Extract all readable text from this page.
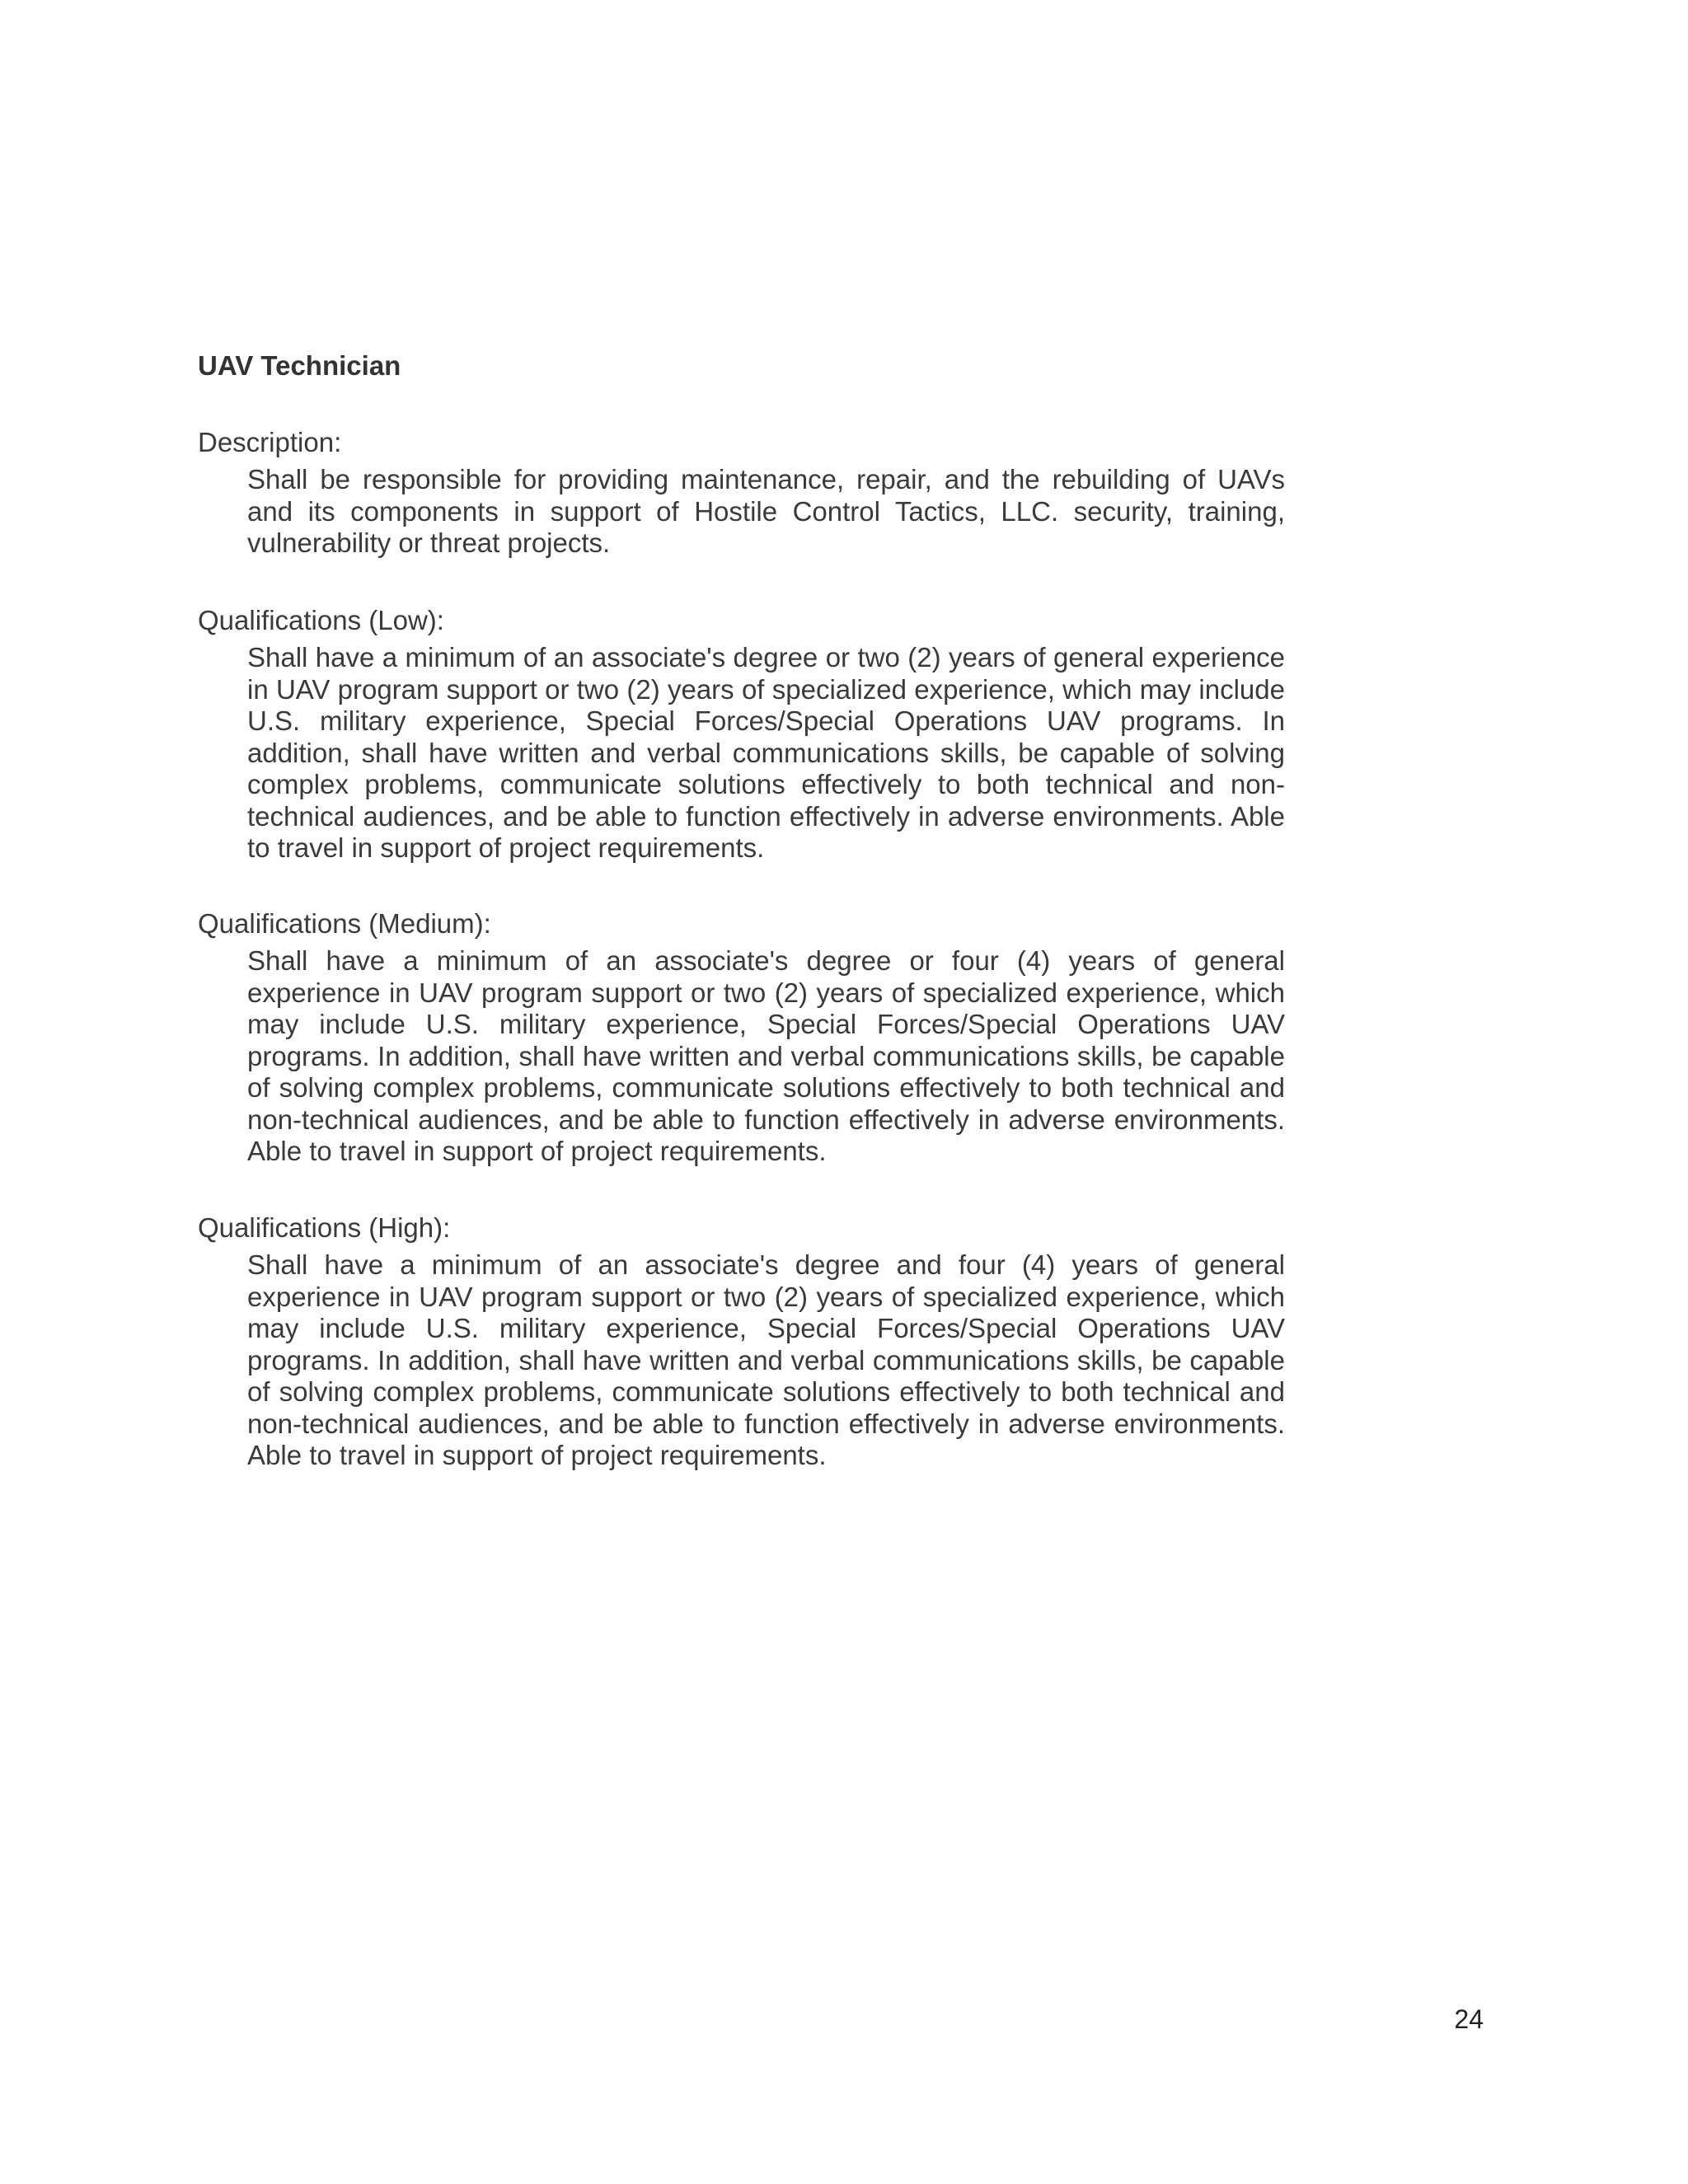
UAV Technician

Description:

Shall be responsible for providing maintenance, repair, and the rebuilding of UAVs and its components in support of Hostile Control Tactics, LLC. security, training, vulnerability or threat projects.

Qualifications (Low):

Shall have a minimum of an associate's degree or two (2) years of general experience in UAV program support or two (2) years of specialized experience, which may include U.S. military experience, Special Forces/Special Operations UAV programs. In addition, shall have written and verbal communications skills, be capable of solving complex problems, communicate solutions effectively to both technical and non-technical audiences, and be able to function effectively in adverse environments. Able to travel in support of project requirements.

Qualifications (Medium):

Shall have a minimum of an associate's degree or four (4) years of general experience in UAV program support or two (2) years of specialized experience, which may include U.S. military experience, Special Forces/Special Operations UAV programs. In addition, shall have written and verbal communications skills, be capable of solving complex problems, communicate solutions effectively to both technical and non-technical audiences, and be able to function effectively in adverse environments. Able to travel in support of project requirements.

Qualifications (High):

Shall have a minimum of an associate's degree and four (4) years of general experience in UAV program support or two (2) years of specialized experience, which may include U.S. military experience, Special Forces/Special Operations UAV programs. In addition, shall have written and verbal communications skills, be capable of solving complex problems, communicate solutions effectively to both technical and non-technical audiences, and be able to function effectively in adverse environments. Able to travel in support of project requirements.

24
